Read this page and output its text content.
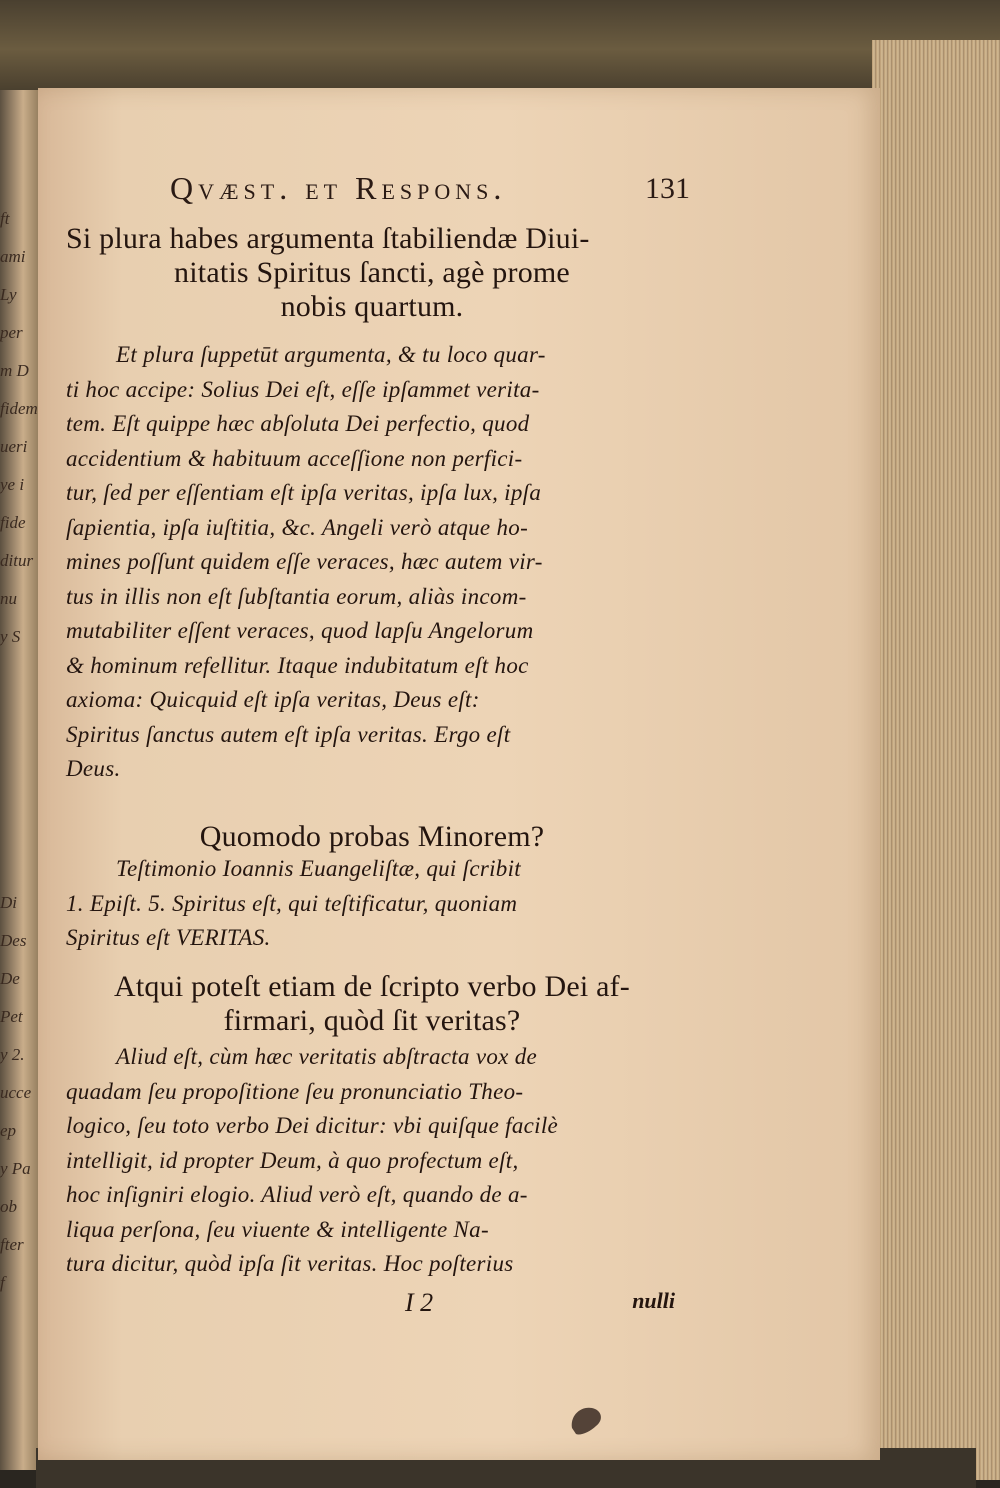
ft
ami
Ly
per
m D
fidem
ueri
ye i
fide
ditur
nu
y S

Di
Des
De
Pet
y 2.
ucce
ep
y Pa
ob
fter
f
Qvæst. et Respons.	131
Si plura habes argumenta ſtabiliendæ Diui-
nitatis Spiritus ſancti, agè prome
nobis quartum.
Et plura ſuppetūt argumenta, & tu loco quar-
ti hoc accipe: Solius Dei eſt, eſſe ipſammet verita-
tem. Eſt quippe hæc abſoluta Dei perfectio, quod
accidentium & habituum acceſſione non perfici-
tur, ſed per eſſentiam eſt ipſa veritas, ipſa lux, ipſa
ſapientia, ipſa iuſtitia, &c. Angeli verò atque ho-
mines poſſunt quidem eſſe veraces, hæc autem vir-
tus in illis non eſt ſubſtantia eorum, aliàs incom-
mutabiliter eſſent veraces, quod lapſu Angelorum
& hominum refellitur. Itaque indubitatum eſt hoc
axioma: Quicquid eſt ipſa veritas, Deus eſt:
Spiritus ſanctus autem eſt ipſa veritas. Ergo eſt
Deus.
Quomodo probas Minorem?
Teſtimonio Ioannis Euangeliſtæ, qui ſcribit
1. Epiſt. 5. Spiritus eſt, qui teſtificatur, quoniam
Spiritus eſt VERITAS.
Atqui poteſt etiam de ſcripto verbo Dei af-
firmari, quòd ſit veritas?
Aliud eſt, cùm hæc veritatis abſtracta vox de
quadam ſeu propoſitione ſeu pronunciatio Theo-
logico, ſeu toto verbo Dei dicitur: vbi quiſque facilè
intelligit, id propter Deum, à quo profectum eſt,
hoc inſigniri elogio. Aliud verò eſt, quando de a-
liqua perſona, ſeu viuente & intelligente Na-
tura dicitur, quòd ipſa ſit veritas. Hoc poſterius
I 2	nulli
